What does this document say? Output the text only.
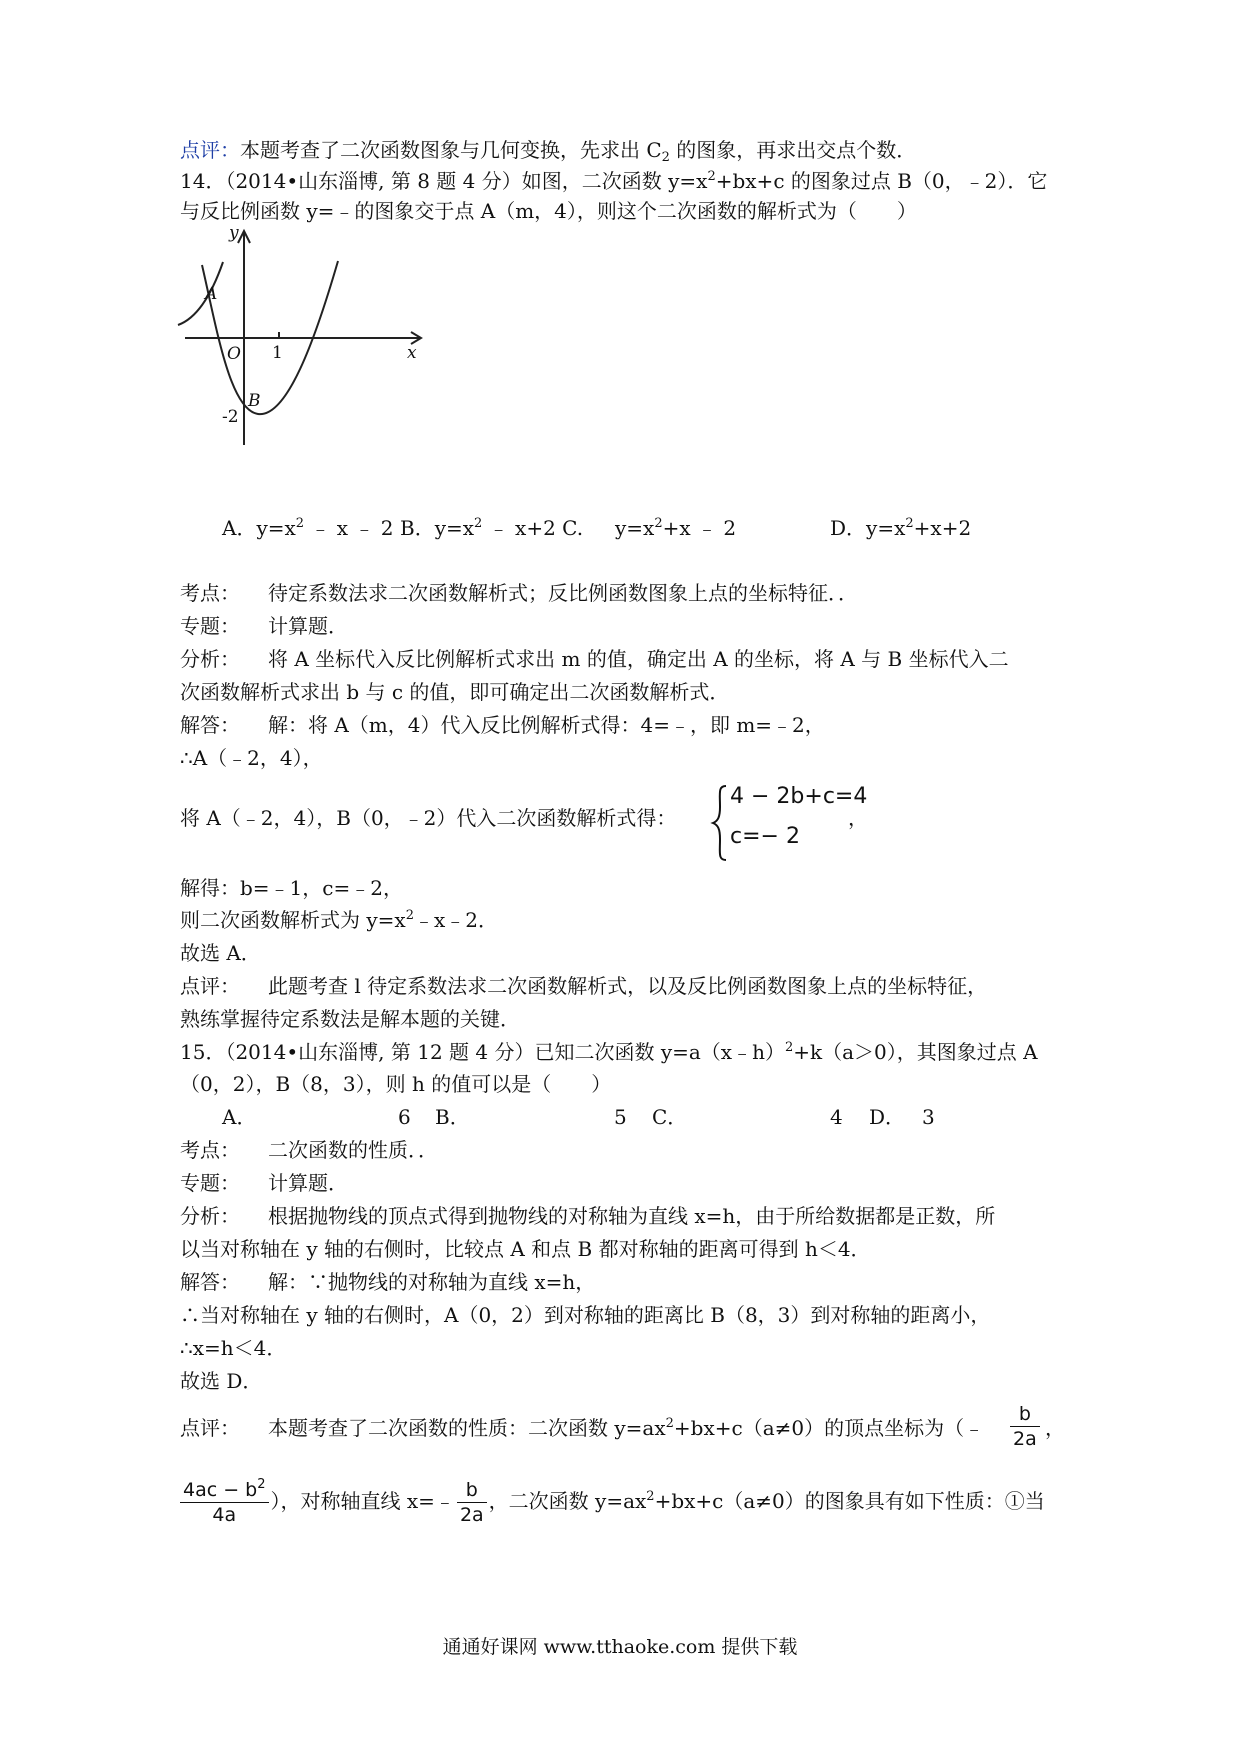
点评：本题考查了二次函数图象与几何变换，先求出 $C_2$ 的图象，再求出交点个数．
14．（2014•山东淄博, 第 8 题 4 分）如图，二次函数 $y=x^2+bx+c$ 的图象过点 B（0，﹣2）．它
与反比例函数 y=﹣的图象交于点 A（m，4），则这个二次函数的解析式为（　　）
y
x
A
O 1
B
-2
A．$y=x^2$ ﹣ x ﹣ 2 B．$y=x^2$ ﹣ x+2 C. $y=x^2+x$ ﹣ 2	D．$y=x^2+x+2$
考点： 待定系数法求二次函数解析式；反比例函数图象上点的坐标特征．．
专题： 计算题．
分析： 将 A 坐标代入反比例解析式求出 m 的值，确定出 A 的坐标，将 A 与 B 坐标代入二
次函数解析式求出 b 与 c 的值，即可确定出二次函数解析式．
解答： 解：将 A（m，4）代入反比例解析式得：4=﹣，即 m=﹣2，
∴A（﹣2，4），
将 A（﹣2，4），B（0，﹣2）代入二次函数解析式得：
4 − 2b+c=4
c=− 2
，
解得：b=﹣1，c=﹣2，
则二次函数解析式为 $y=x^2﹣x﹣2$．
故选 A．
点评： 此题考查 l 待定系数法求二次函数解析式，以及反比例函数图象上点的坐标特征，
熟练掌握待定系数法是解本题的关键．
15．（2014•山东淄博, 第 12 题 4 分）已知二次函数 y=a（x﹣h）$^2$+k（a＞0），其图象过点 A
（0，2），B（8，3），则 h 的值可以是（　　）
A．	6 B．	5 C．	4 D． 3
考点： 二次函数的性质．．
专题： 计算题．
分析： 根据抛物线的顶点式得到抛物线的对称轴为直线 x=h，由于所给数据都是正数，所
以当对称轴在 y 轴的右侧时，比较点 A 和点 B 都对称轴的距离可得到 h＜4．
解答： 解：∵抛物线的对称轴为直线 x=h，
∴当对称轴在 y 轴的右侧时，A（0，2）到对称轴的距离比 B（8，3）到对称轴的距离小，
∴x=h＜4．
故选 D．
点评： 本题考查了二次函数的性质：二次函数 $y=ax^2+bx+c(a\ne 0)$的顶点坐标为（﹣ $\frac{b}{2a}$ ，
$\frac{4ac - b^2}{4a}$ ），对称轴直线 x=﹣ $\frac{b}{2a}$ ，二次函数 $y=ax^2+bx+c(a\ne 0)$的图象具有如下性质：①当
通通好课网 www.tthaoke.com 提供下载
